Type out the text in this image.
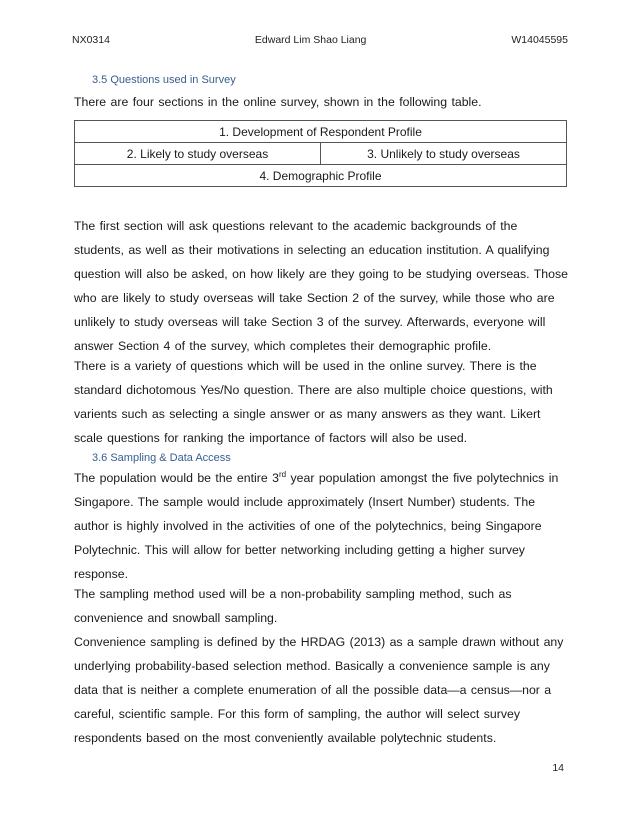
NX0314	Edward Lim Shao Liang	W14045595
3.5 Questions used in Survey

There are four sections in the online survey, shown in the following table.

1. Development of Respondent Profile
2. Likely to study overseas	3. Unlikely to study overseas
4. Demographic Profile

The first section will ask questions relevant to the academic backgrounds of the
students, as well as their motivations in selecting an education institution. A qualifying
question will also be asked, on how likely are they going to be studying overseas. Those
who are likely to study overseas will take Section 2 of the survey, while those who are
unlikely to study overseas will take Section 3 of the survey. Afterwards, everyone will
answer Section 4 of the survey, which completes their demographic profile.

There is a variety of questions which will be used in the online survey. There is the
standard dichotomous Yes/No question. There are also multiple choice questions, with
varients such as selecting a single answer or as many answers as they want. Likert
scale questions for ranking the importance of factors will also be used.

3.6 Sampling & Data Access

The population would be the entire 3rd year population amongst the five polytechnics in
Singapore. The sample would include approximately (Insert Number) students. The
author is highly involved in the activities of one of the polytechnics, being Singapore
Polytechnic. This will allow for better networking including getting a higher survey
response.

The sampling method used will be a non-probability sampling method, such as
convenience and snowball sampling.

Convenience sampling is defined by the HRDAG (2013) as a sample drawn without any
underlying probability-based selection method. Basically a convenience sample is any
data that is neither a complete enumeration of all the possible data—a census—nor a
careful, scientific sample. For this form of sampling, the author will select survey
respondents based on the most conveniently available polytechnic students.

14
